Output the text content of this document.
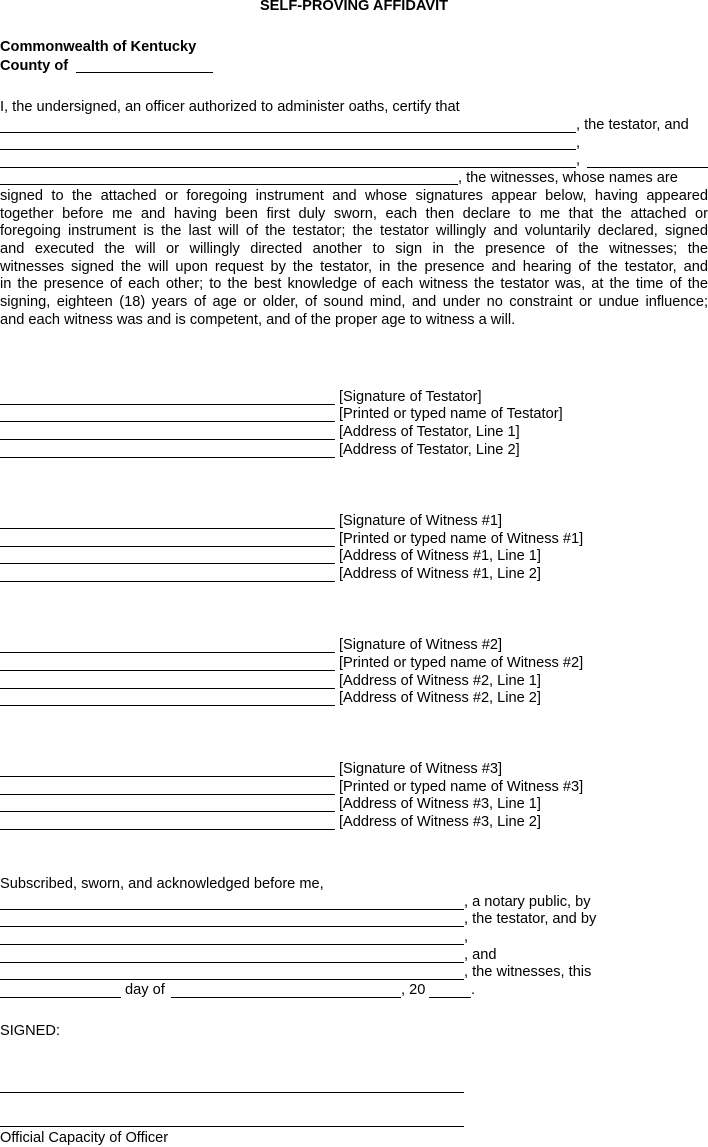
SELF-PROVING AFFIDAVIT
Commonwealth of Kentucky
County of
I, the undersigned, an officer authorized to administer oaths, certify that
, the testator, and
,
,
, the witnesses, whose names are
signed to the attached or foregoing instrument and whose signatures appear below, having appeared
together before me and having been first duly sworn, each then declare to me that the attached or
foregoing instrument is the last will of the testator; the testator willingly and voluntarily declared, signed
and executed the will or willingly directed another to sign in the presence of the witnesses; the
witnesses signed the will upon request by the testator, in the presence and hearing of the testator, and
in the presence of each other; to the best knowledge of each witness the testator was, at the time of the
signing, eighteen (18) years of age or older, of sound mind, and under no constraint or undue influence;
and each witness was and is competent, and of the proper age to witness a will.
[Signature of Testator]
[Printed or typed name of Testator]
[Address of Testator, Line 1]
[Address of Testator, Line 2]
[Signature of Witness #1]
[Printed or typed name of Witness #1]
[Address of Witness #1, Line 1]
[Address of Witness #1, Line 2]
[Signature of Witness #2]
[Printed or typed name of Witness #2]
[Address of Witness #2, Line 1]
[Address of Witness #2, Line 2]
[Signature of Witness #3]
[Printed or typed name of Witness #3]
[Address of Witness #3, Line 1]
[Address of Witness #3, Line 2]
Subscribed, sworn, and acknowledged before me,
, a notary public, by
, the testator, and by
,
, and
, the witnesses, this
day of	, 20	.
SIGNED:
Official Capacity of Officer
